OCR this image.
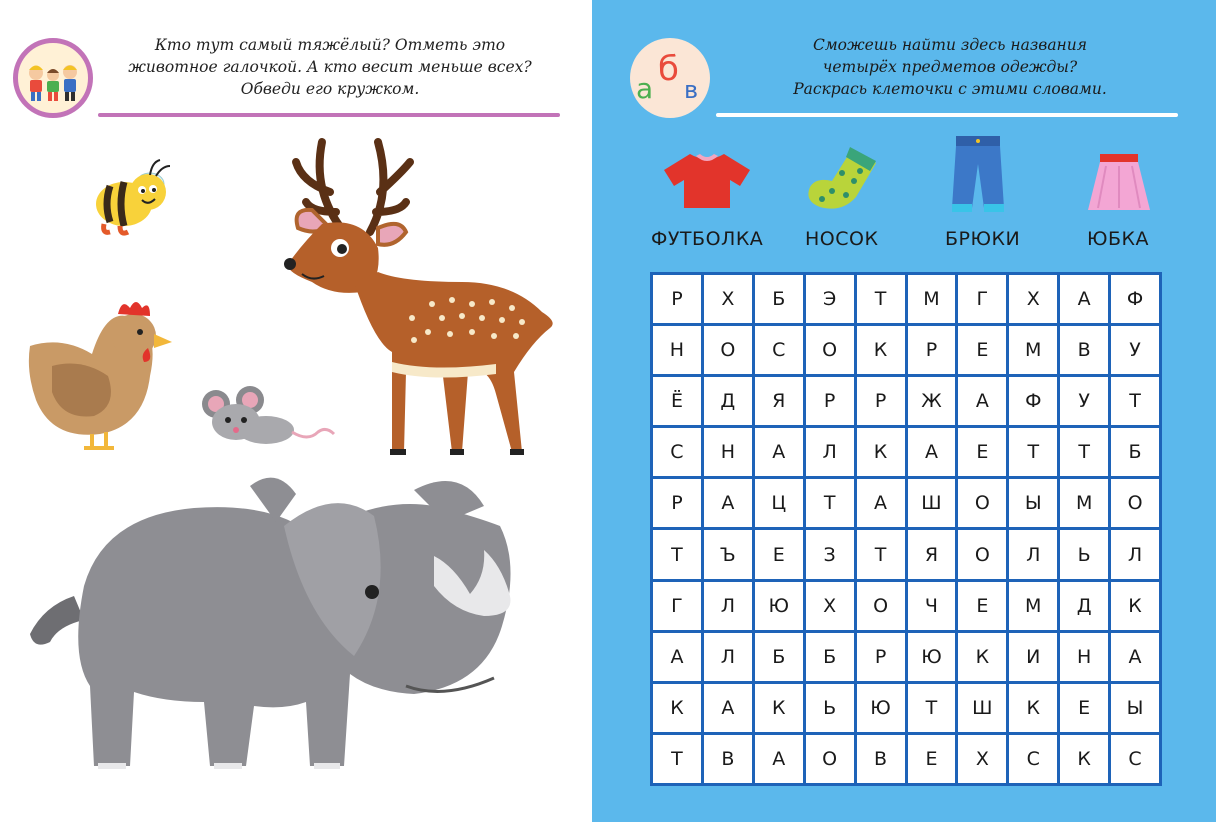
Кто тут самый тяжёлый? Отметь это
животное галочкой. А кто весит меньше всех?
Обведи его кружком.	а б
в
Сможешь найти здесь названия
четырёх предметов одежды?
Раскрась клеточки с этими словами.
ФУТБОЛКА НОСОК	БРЮКИ	ЮБКА
Р	Х	Б	Э	Т	М	Г	Х	А	Ф
Н	О	С	О	К	Р	Е	М	В	У
Ё	Д	Я	Р	Р	Ж	А	Ф	У	Т
С	Н	А	Л	К	А	Е	Т	Т	Б
Р	А	Ц	Т	А	Ш	О	Ы	М	О
Т	Ъ	Е	З	Т	Я	О	Л	Ь	Л
Г	Л	Ю	Х	О	Ч	Е	М	Д	К
А	Л	Б	Б	Р	Ю	К	И	Н	А
К	А	К	Ь	Ю	Т	Ш	К	Е	Ы
Т	В	А	О	В	Е	Х	С	К	С
